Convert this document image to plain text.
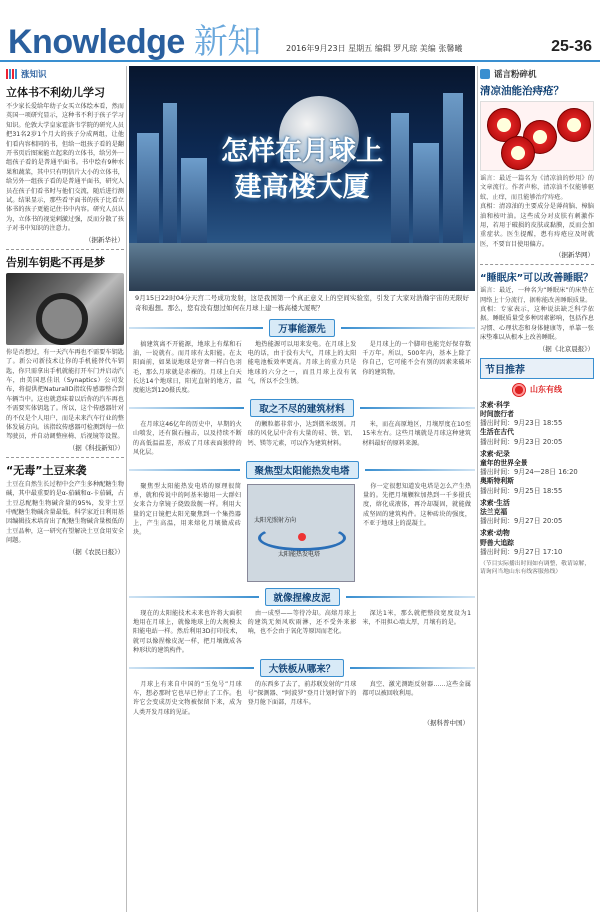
Knowledge 新知	2016年9月23日 星期五 编辑 罗凡琼 美编 张馨曦	25-36
涨知识
立体书不利幼儿学习

不少家长爱给年幼子女买立体绘本看，然而英国一项研究显示，这种书不利于孩子学习知识。伦敦大学皇家霍洛韦学院的研究人员把31名2岁1个月大的孩子分成两组，让他们看内容相同的书，但给一组孩子看的是翻开书页后图案能立起来的立体书，给另外一组孩子看的是普通平面书。书中绘有9种水果和蔬菜，其中只有明信片大小的立体书，给另外一组孩子看的是普通平面书，研究人员在孩子们看书时与他们交流，随后进行测试。结果显示，那些看平面书的孩子比看立体书的孩子更能记住书中内容。研究人员认为，立体书的视觉刺激过强，反而分散了孩子对书中知识的注意力。

（据新华社）
告别车钥匙不再是梦

你是否想过，有一天汽车再也不需要车钥匙了。新公司新技术让你的手机能替代车钥匙，你只需拿出手机就能打开车门并启动汽车，由美国思佳讯（Synaptics）公司发布，将提供把NaturalID指纹传感器整合到车辆当中。这也就意味着以后你的汽车再也不需要实体钥匙了。所以，这个传感器针对的不仅是个人用户，而是未来汽车行业的整体发展方向。该指纹传感器可检测到每一位驾驶员，并自动调整座椅、后视镜等设置。

（据《科技新知》）
“无毒”土豆来袭

土豆在自然生长过程中会产生多种配糖生物碱，其中最重要的是α-茄碱和α-卡茄碱，占土豆总配糖生物碱含量的95%，发芽土豆中配糖生物碱含量最低。科学家近日利用基因编辑技术培育出了配糖生物碱含量极低的土豆品种，这一研究有望解决土豆食用安全问题。

（据《农民日报》）
怎样在月球上
建高楼大厦

9月15日22时04分天宫二号成功发射，这是我国第一个真正意义上的空间实验室，引发了大家对浩瀚宇宙的无限好奇和遐想。那么，您有没有想过如何在月球上建一栋高楼大厦呢？

万事能源先

搞建筑离不开能源，地球上有煤和石油，一说就有。而月球有太阳能。在太阳面前，如果说地球是穷奢一样白色羽毛，那么月球就是赤裸的。月球上白天长达14个地球日，阳光直射的地方，温度能达到120摄氏度。

地热能源可以用来发电。在月球上发电的话，由于没有大气，月球上的太阳能电池板效率更高。月球上的重力只是地球的六分之一，而且月球上没有氧气，所以不会生锈。

是月球上的一个脚印也能完好保存数千万年。所以，500年内，基本上除了你自己，它可能不会有别的因素来破坏你的建筑物。

取之不尽的建筑材料

在月球这46亿年的历史中，早期的火山喷发，还有陨石撞击，以及持续不断的高低温温差，形成了月球表面独特的风化层。

的颗粒都非常小，达到微米级别。月球的风化层中含有大量的硅、铁、铝、钙、镁等元素，可以作为建筑材料。

米，而在高原地区，月壤厚度在10至15米左右。这些月壤就是月球这种建筑材料最好的原料来源。

聚焦型太阳能热发电塔

聚焦型太阳能热发电塔的原理很简单，就和传说中的阿基米德用一大群妇女来合力拿镜子烧毁敌舰一样。利用大量的定日镜把太阳光聚焦到一个集热器上，产生高温，用来熔化月壤做成砖块。

太阳光照射方向
太阳能热发电塔

你一定很想知道发电塔是怎么产生热量的。先把月壤颗粒加热到一千多摄氏度，熔化成液体，再冷却凝固，就能做成坚固的建筑构件。这种砖块的强度，不亚于地球上的混凝土。

就像捏橡皮泥

现在的太阳能技术未来也许将大面积地用在月球上，就像地球上的大规模太阳能电站一样。然后利用3D打印技术，就可以像捏橡皮泥一样，把月壤做成各种形状的建筑构件。

由一成型——等待冷却。高熔月球上的建筑无须风吹雨淋，还不受外来影响，也不会由于氧化等原因而老化。

深达1米，那么就把整段宽度设为1米，不用担心墙太厚，月壤有的是。

大铁板从哪来？

月球上有来自中国的“玉兔号”月球车，想必那时它也早已停止了工作。也许它会变成历史文物被保留下来，成为人类开发月球的见证。

的东西多了去了，前苏联发射的“月球号”探测器、“阿波罗”登月计划时留下的登月舱下面部，月球车。

真空、激光测距反射器……这些金属都可以被回收利用。

（据科普中国）
谣言粉碎机
清凉油能治痔疮？

谣言：最近一篇名为《清凉油的妙用》的文章流行。作者声称，清凉油不仅能够驱蚊、止痒，而且能够治疗痔疮。

真相：清凉油的主要成分是薄荷脑、樟脑油和桉叶油。这些成分对皮肤有刺激作用，若用于破损的皮肤或黏膜，反而会加重症状。医生提醒，患有痔疮应及时就医，不要盲目使用偏方。

（据新华网）
“睡眠床”可以改善睡眠？

谣言：最近，一种名为“睡眠床”的床垫在网络上十分流行，据称能改善睡眠质量。

真相：专家表示，这种说法缺乏科学依据。睡眠质量受多种因素影响，包括作息习惯、心理状态和身体健康等，单靠一张床垫难以从根本上改善睡眠。

（据《北京晨报》）
节目推荐
山东有线
求索·科学
时间旅行者
播出时间：9月23日 18:55
生活在古代
播出时间：9月23日 20:05
求索·纪录
童年的世界全景
播出时间：9月24—28日 16:20
奥斯特利斯
播出时间：9月25日 18:55
求索·生活
法兰克福
播出时间：9月27日 20:05
求索·动物
野兽大追踪
播出时间：9月27日 17:10
（节目实际播出时间如有调整，敬请谅解，请询问当地山东有线客服热线）
